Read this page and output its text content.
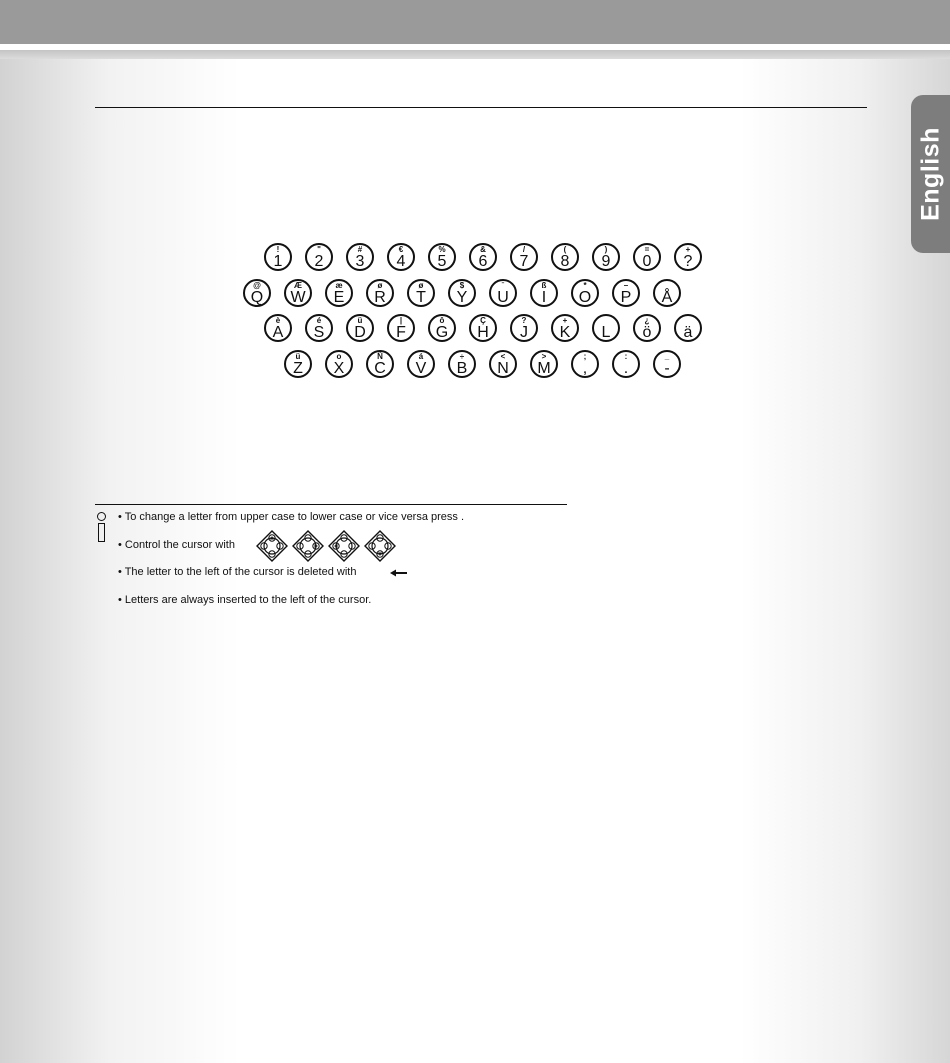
English
!
1
"
2
#
3
€
4
%
5
&
6
/
7
(
8
)
9
=
0
+
?
@
Q
Æ
W
æ
E
ø
R
ø
T
$
Y
ˉ
U
ß
I
*
O
–
P	Å
è
A
é
S
ü
D
|
F
ô
G
Ç
H
?
J
+
K	L
¿
ö	ä
ü
Z
o
X
Ñ
C
á
V
÷
B
<
N
>
M
;
,
:
.
_
-
• To change a letter from upper case to lower case or vice versa press .
• Control the cursor with
• The letter to the left of the cursor is deleted with
• Letters are always inserted to the left of the cursor.
